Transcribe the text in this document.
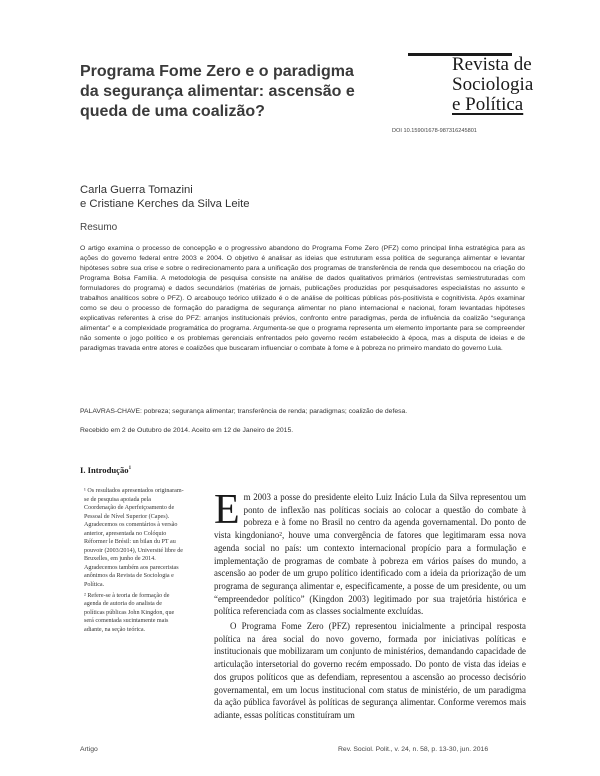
Revista de
Sociologia
e Política
Programa Fome Zero e o paradigma da segurança alimentar: ascensão e queda de uma coalizão?
DOI 10.1590/1678-987316245801
Carla Guerra Tomazini
e Cristiane Kerches da Silva Leite
Resumo

O artigo examina o processo de concepção e o progressivo abandono do Programa Fome Zero (PFZ) como principal linha estratégica para as ações do governo federal entre 2003 e 2004. O objetivo é analisar as ideias que estruturam essa política de segurança alimentar e levantar hipóteses sobre sua crise e sobre o redirecionamento para a unificação dos programas de transferência de renda que desembocou na criação do Programa Bolsa Família. A metodologia de pesquisa consiste na análise de dados qualitativos primários (entrevistas semiestruturadas com formuladores do programa) e dados secundários (matérias de jornais, publicações produzidas por pesquisadores especialistas no assunto e trabalhos analíticos sobre o PFZ). O arcabouço teórico utilizado é o de análise de políticas públicas pós-positivista e cognitivista. Após examinar como se deu o processo de formação do paradigma de segurança alimentar no plano internacional e nacional, foram levantadas hipóteses explicativas referentes à crise do PFZ: arranjos institucionais prévios, confronto entre paradigmas, perda de influência da coalizão “segurança alimentar” e a complexidade programática do programa. Argumenta-se que o programa representa um elemento importante para se compreender não somente o jogo político e os problemas gerenciais enfrentados pelo governo recém estabelecido à época, mas a disputa de ideias e de paradigmas travada entre atores e coalizões que buscaram influenciar o combate à fome e à pobreza no primeiro mandato do governo Lula.

PALAVRAS-CHAVE: pobreza; segurança alimentar; transferência de renda; paradigmas; coalizão de defesa.
Recebido em 2 de Outubro de 2014. Aceito em 12 de Janeiro de 2015.
I. Introdução$^1$

¹ Os resultados apresentados originaram-se de pesquisa apoiada pela Coordenação de Aperfeiçoamento de Pessoal de Nível Superior (Capes). Agradecemos os comentários à versão anterior, apresentada no Colóquio Réformer le Brésil: un bilan du PT au pouvoir (2003/2014), Université libre de Bruxelles, em junho de 2014. Agradecemos também aos pareceristas anônimos da Revista de Sociologia e Política.

² Refere-se à teoria de formação de agenda de autoria do analista de políticas públicas John Kingdon, que será comentada sucintamente mais adiante, na seção teórica.

Em 2003 a posse do presidente eleito Luiz Inácio Lula da Silva representou um ponto de inflexão nas políticas sociais ao colocar a questão do combate à pobreza e à fome no Brasil no centro da agenda governamental. Do ponto de vista kingdoniano², houve uma convergência de fatores que legitimaram essa nova agenda social no país: um contexto internacional propício para a formulação e implementação de programas de combate à pobreza em vários países do mundo, a ascensão ao poder de um grupo político identificado com a ideia da priorização de um programa de segurança alimentar e, especificamente, a posse de um presidente, ou um “empreendedor político” (Kingdon 2003) legitimado por sua trajetória histórica e política referenciada com as classes socialmente excluídas.

O Programa Fome Zero (PFZ) representou inicialmente a principal resposta política na área social do novo governo, formada por iniciativas políticas e institucionais que mobilizaram um conjunto de ministérios, demandando capacidade de articulação intersetorial do governo recém empossado. Do ponto de vista das ideias e dos grupos políticos que as defendiam, representou a ascensão ao processo decisório governamental, em um locus institucional com status de ministério, de um paradigma da ação pública favorável às políticas de segurança alimentar. Conforme veremos mais adiante, essas políticas constituíram um

Artigo	Rev. Sociol. Polit., v. 24, n. 58, p. 13-30, jun. 2016
